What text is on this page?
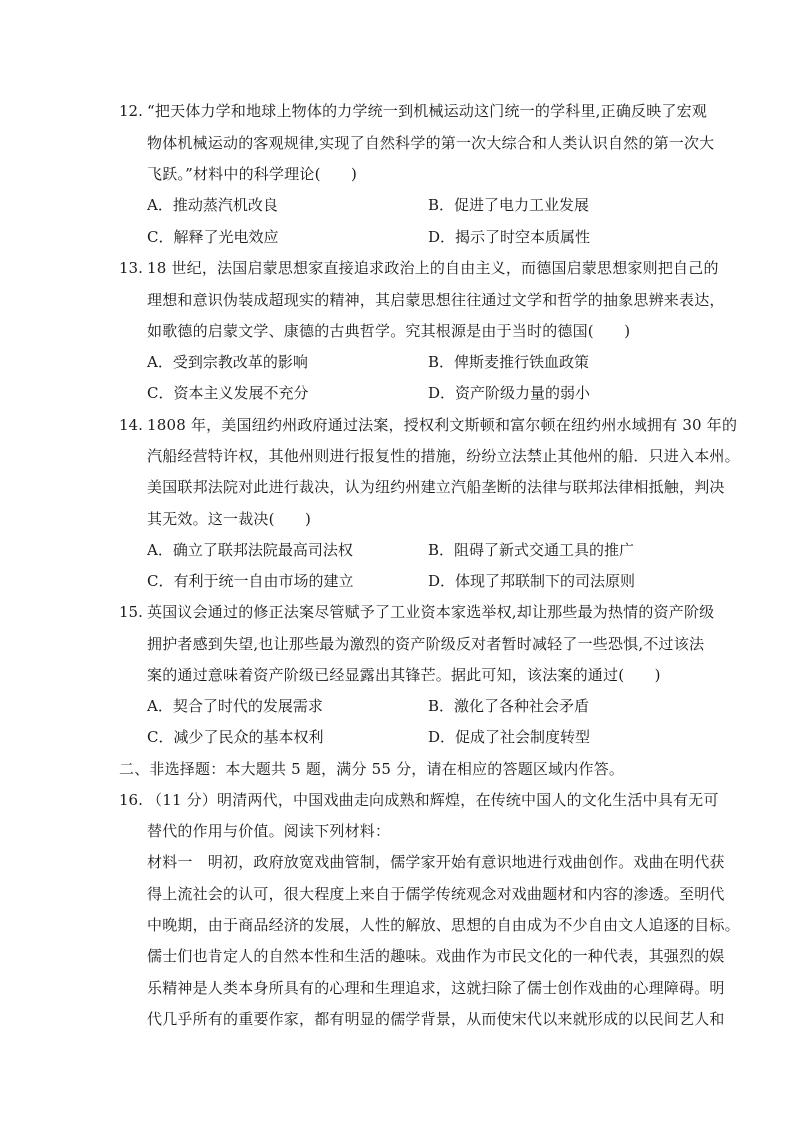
12. “把天体力学和地球上物体的力学统一到机械运动这门统一的学科里,正确反映了宏观
物体机械运动的客观规律,实现了自然科学的第一次大综合和人类认识自然的第一次大
飞跃。”材料中的科学理论(　　)
A．推动蒸汽机改良	B．促进了电力工业发展
C．解释了光电效应	D．揭示了时空本质属性
13. 18 世纪，法国启蒙思想家直接追求政治上的自由主义，而德国启蒙思想家则把自己的
理想和意识伪装成超现实的精神，其启蒙思想往往通过文学和哲学的抽象思辨来表达，
如歌德的启蒙文学、康德的古典哲学。究其根源是由于当时的德国(　　)
A．受到宗教改革的影响	B．俾斯麦推行铁血政策
C．资本主义发展不充分	D．资产阶级力量的弱小
14. 1808 年，美国纽约州政府通过法案，授权利文斯顿和富尔顿在纽约州水域拥有 30 年的
汽船经营特许权，其他州则进行报复性的措施，纷纷立法禁止其他州的船．只进入本州。
美国联邦法院对此进行裁决，认为纽约州建立汽船垄断的法律与联邦法律相抵触，判决
其无效。这一裁决(　　)
A．确立了联邦法院最高司法权	B．阻碍了新式交通工具的推广
C．有利于统一自由市场的建立	D．体现了邦联制下的司法原则
15. 英国议会通过的修正法案尽管赋予了工业资本家选举权,却让那些最为热情的资产阶级
拥护者感到失望,也让那些最为激烈的资产阶级反对者暂时减轻了一些恐惧,不过该法
案的通过意味着资产阶级已经显露出其锋芒。据此可知，该法案的通过(　　)
A．契合了时代的发展需求	B．激化了各种社会矛盾
C．减少了民众的基本权利	D．促成了社会制度转型
二、非选择题：本大题共 5 题，满分 55 分，请在相应的答题区域内作答。
16. （11 分）明清两代，中国戏曲走向成熟和辉煌，在传统中国人的文化生活中具有无可
替代的作用与价值。阅读下列材料：
材料一　明初，政府放宽戏曲管制，儒学家开始有意识地进行戏曲创作。戏曲在明代获
得上流社会的认可，很大程度上来自于儒学传统观念对戏曲题材和内容的渗透。至明代
中晚期，由于商品经济的发展，人性的解放、思想的自由成为不少自由文人追逐的目标。
儒士们也肯定人的自然本性和生活的趣味。戏曲作为市民文化的一种代表，其强烈的娱
乐精神是人类本身所具有的心理和生理追求，这就扫除了儒士创作戏曲的心理障碍。明
代几乎所有的重要作家，都有明显的儒学背景，从而使宋代以来就形成的以民间艺人和
